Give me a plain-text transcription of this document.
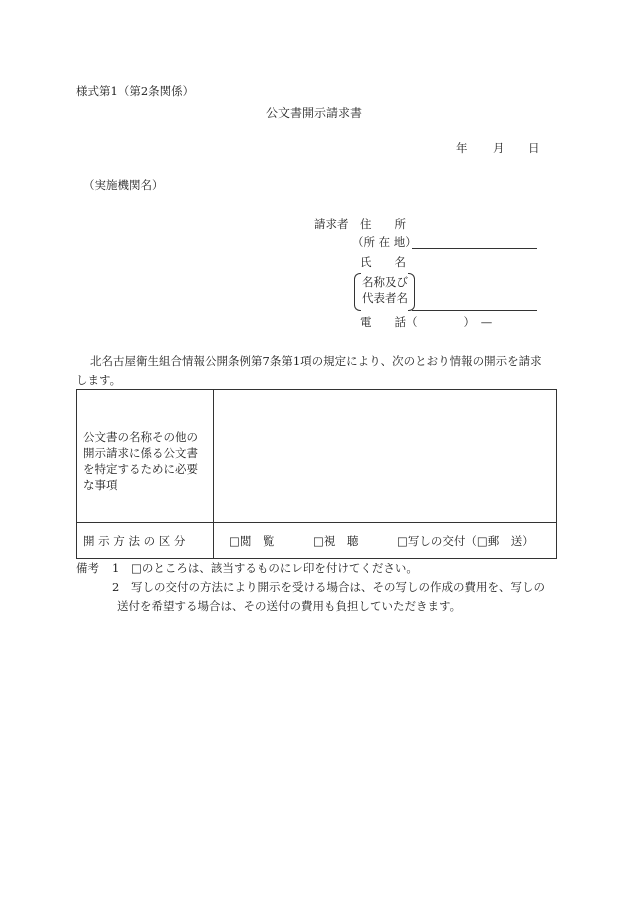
様式第1（第2条関係）
公文書開示請求書
年 月 日
（実施機関名）
請求者 住　　所
（所 在 地）
氏　　名
名称及び
代表者名
電　　話（　　　　）　—
北名古屋衛生組合情報公開条例第7条第1項の規定により、次のとおり情報の開示を請求
します。
公文書の名称その他の開示請求に係る公文書を特定するために必要な事項
開 示 方 法 の 区 分	□閲　覧	□視　聴	□写しの交付（□郵　送）
備考 1 □のところは、該当するものにレ印を付けてください。
2 写しの交付の方法により開示を受ける場合は、その写しの作成の費用を、写しの
送付を希望する場合は、その送付の費用も負担していただきます。
